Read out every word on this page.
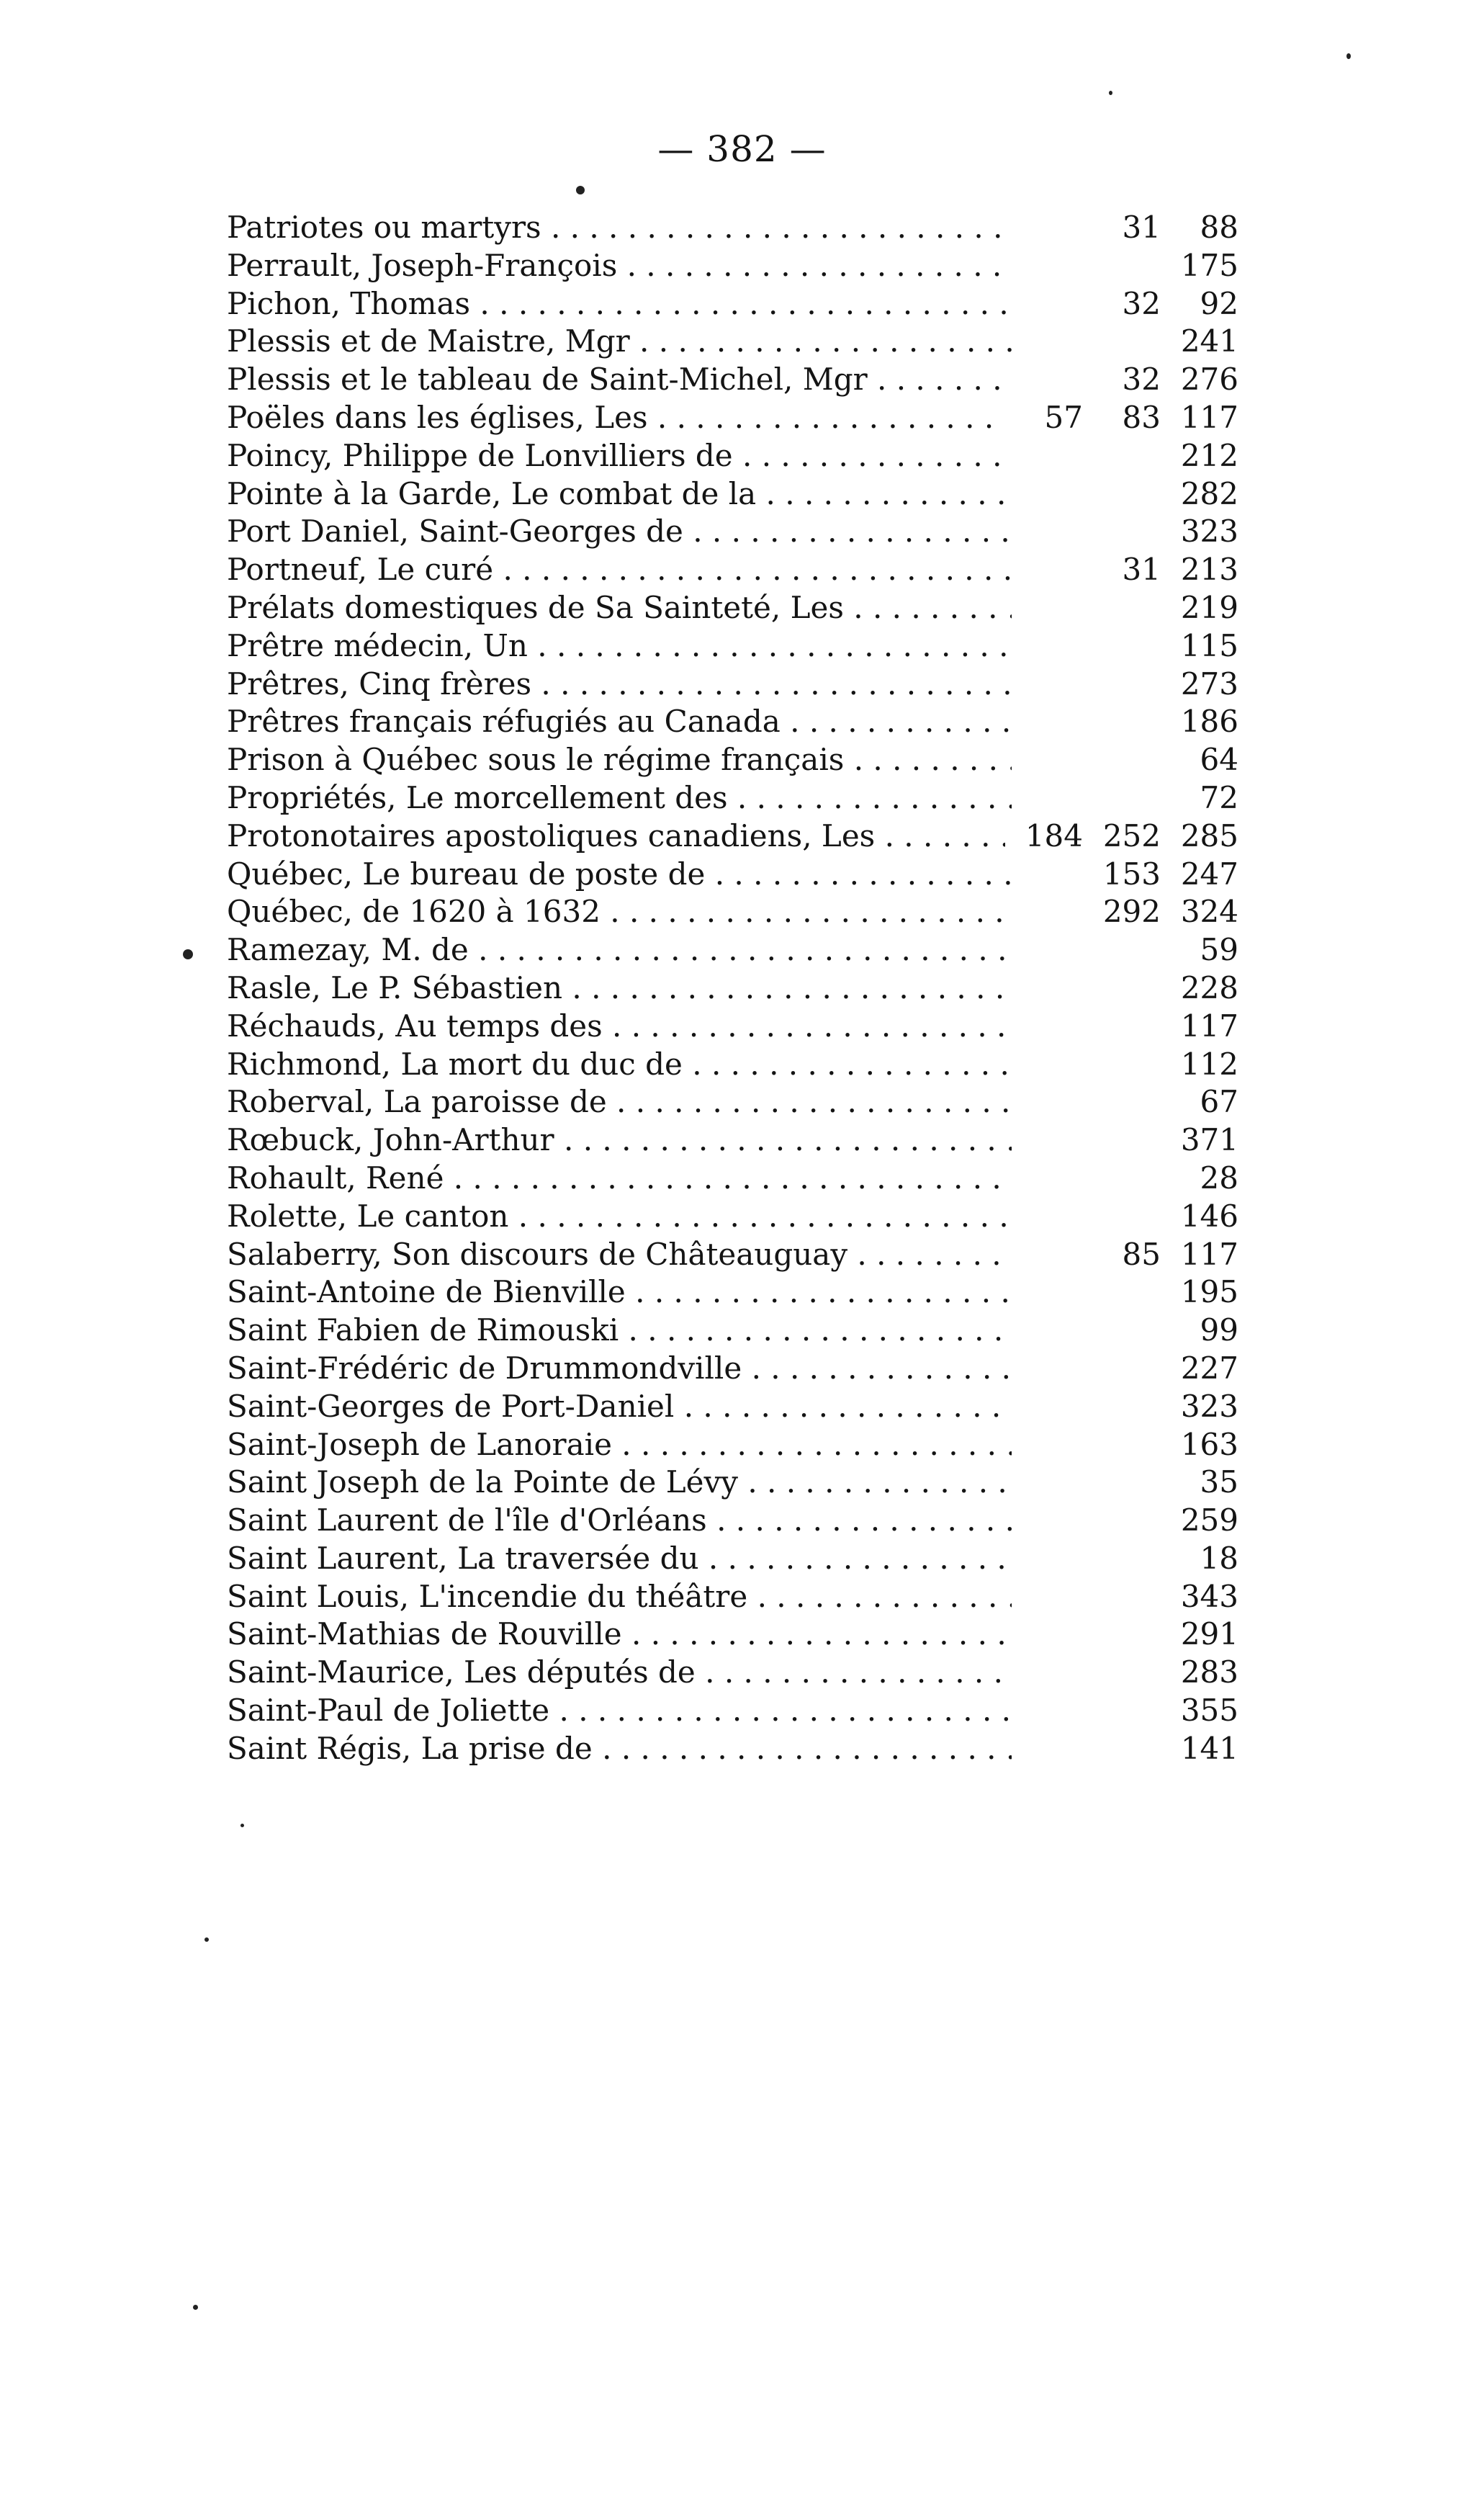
— 382 —
Patriotes ou martyrs . . .	31	88
Perrault, Joseph-François . . .	175
Pichon, Thomas . . .	32	92
Plessis et de Maistre, Mgr . . .	241
Plessis et le tableau de Saint-Michel, Mgr . . .	32 276
Poëles dans les églises, Les . . .	57	83 117
Poincy, Philippe de Lonvilliers de . . .	212
Pointe à la Garde, Le combat de la . . .	282
Port Daniel, Saint-Georges de . . .	323
Portneuf, Le curé . . .	31 213
Prélats domestiques de Sa Sainteté, Les . . .	219
Prêtre médecin, Un . . .	115
Prêtres, Cinq frères . . .	273
Prêtres français réfugiés au Canada . . .	186
Prison à Québec sous le régime français . . .	64
Propriétés, Le morcellement des . . .	72
Protonotaires apostoliques canadiens, Les . . .	184 252 285
Québec, Le bureau de poste de . . .	153 247
Québec, de 1620 à 1632 . . .	292 324
Ramezay, M. de . . .	59
Rasle, Le P. Sébastien . . .	228
Réchauds, Au temps des . . .	117
Richmond, La mort du duc de . . .	112
Roberval, La paroisse de . . .	67
Rœbuck, John-Arthur . . .	371
Rohault, René . . .	28
Rolette, Le canton . . .	146
Salaberry, Son discours de Châteauguay . . .	85 117
Saint-Antoine de Bienville . . .	195
Saint Fabien de Rimouski . . .	99
Saint-Frédéric de Drummondville . . .	227
Saint-Georges de Port-Daniel . . .	323
Saint-Joseph de Lanoraie . . .	163
Saint Joseph de la Pointe de Lévy . . .	35
Saint Laurent de l'île d'Orléans . . .	259
Saint Laurent, La traversée du . . .	18
Saint Louis, L'incendie du théâtre . . .	343
Saint-Mathias de Rouville . . .	291
Saint-Maurice, Les députés de . . .	283
Saint-Paul de Joliette . . .	355
Saint Régis, La prise de . . .	141
